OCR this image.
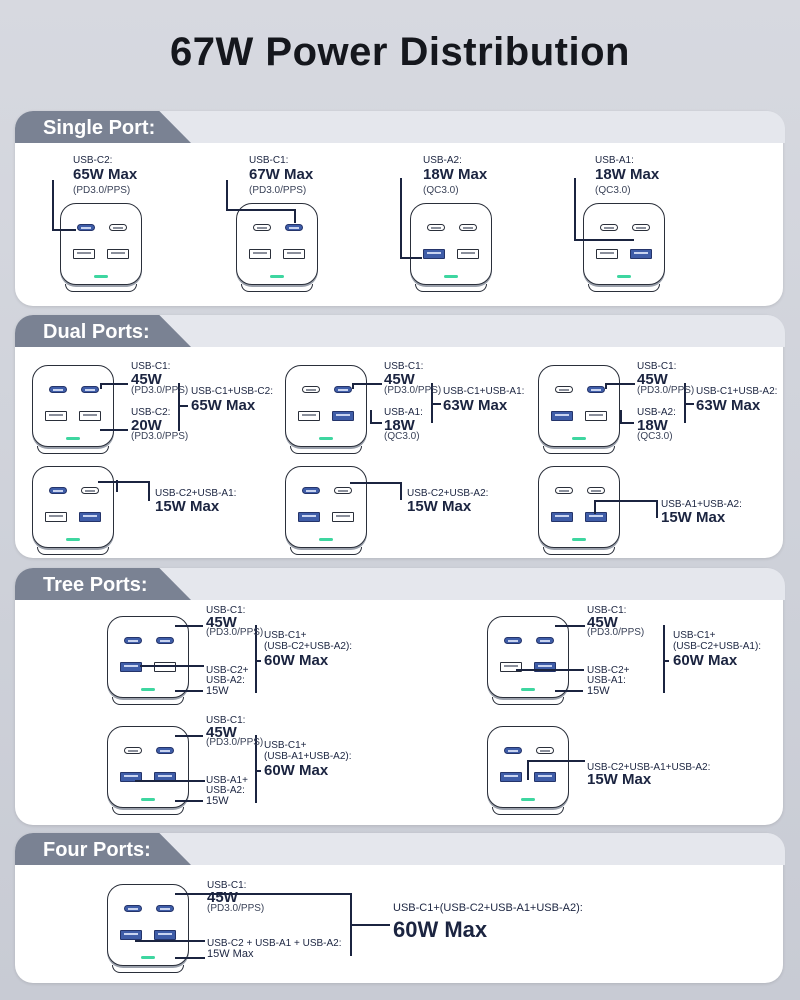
67W Power Distribution
Single Port:
Dual Ports:
Tree Ports:
Four Ports:
USB-C2:
65W Max
(PD3.0/PPS)
USB-C1:
67W Max
(PD3.0/PPS)
USB-A2:
18W Max
(QC3.0)
USB-A1:
18W Max
(QC3.0)
USB-C1:
45W
(PD3.0/PPS)
USB-C2:
20W
(PD3.0/PPS)
USB-C1+USB-C2:
65W Max
USB-C1:
45W
(PD3.0/PPS)
USB-A1:
18W
(QC3.0)
USB-C1+USB-A1:
63W Max
USB-C1:
45W
(PD3.0/PPS)
USB-A2:
18W
(QC3.0)
USB-C1+USB-A2:
63W Max
USB-C2+USB-A1:
15W Max
USB-C2+USB-A2:
15W Max	USB-A1+USB-A2:
15W Max
USB-C1:
45W
(PD3.0/PPS)
USB-C2+
USB-A2:
15W
USB-C1+
(USB-C2+USB-A2):
60W Max
USB-C1:
45W
(PD3.0/PPS)
USB-C2+
USB-A1:
15W
USB-C1+
(USB-C2+USB-A1):
60W Max
USB-C1:
45W
(PD3.0/PPS)
USB-A1+
USB-A2:
15W
USB-C1+
(USB-A1+USB-A2):
60W Max	USB-C2+USB-A1+USB-A2:
15W Max
USB-C1:
45W
(PD3.0/PPS)
USB-C2 + USB-A1 + USB-A2:
15W Max
USB-C1+(USB-C2+USB-A1+USB-A2):
60W Max
